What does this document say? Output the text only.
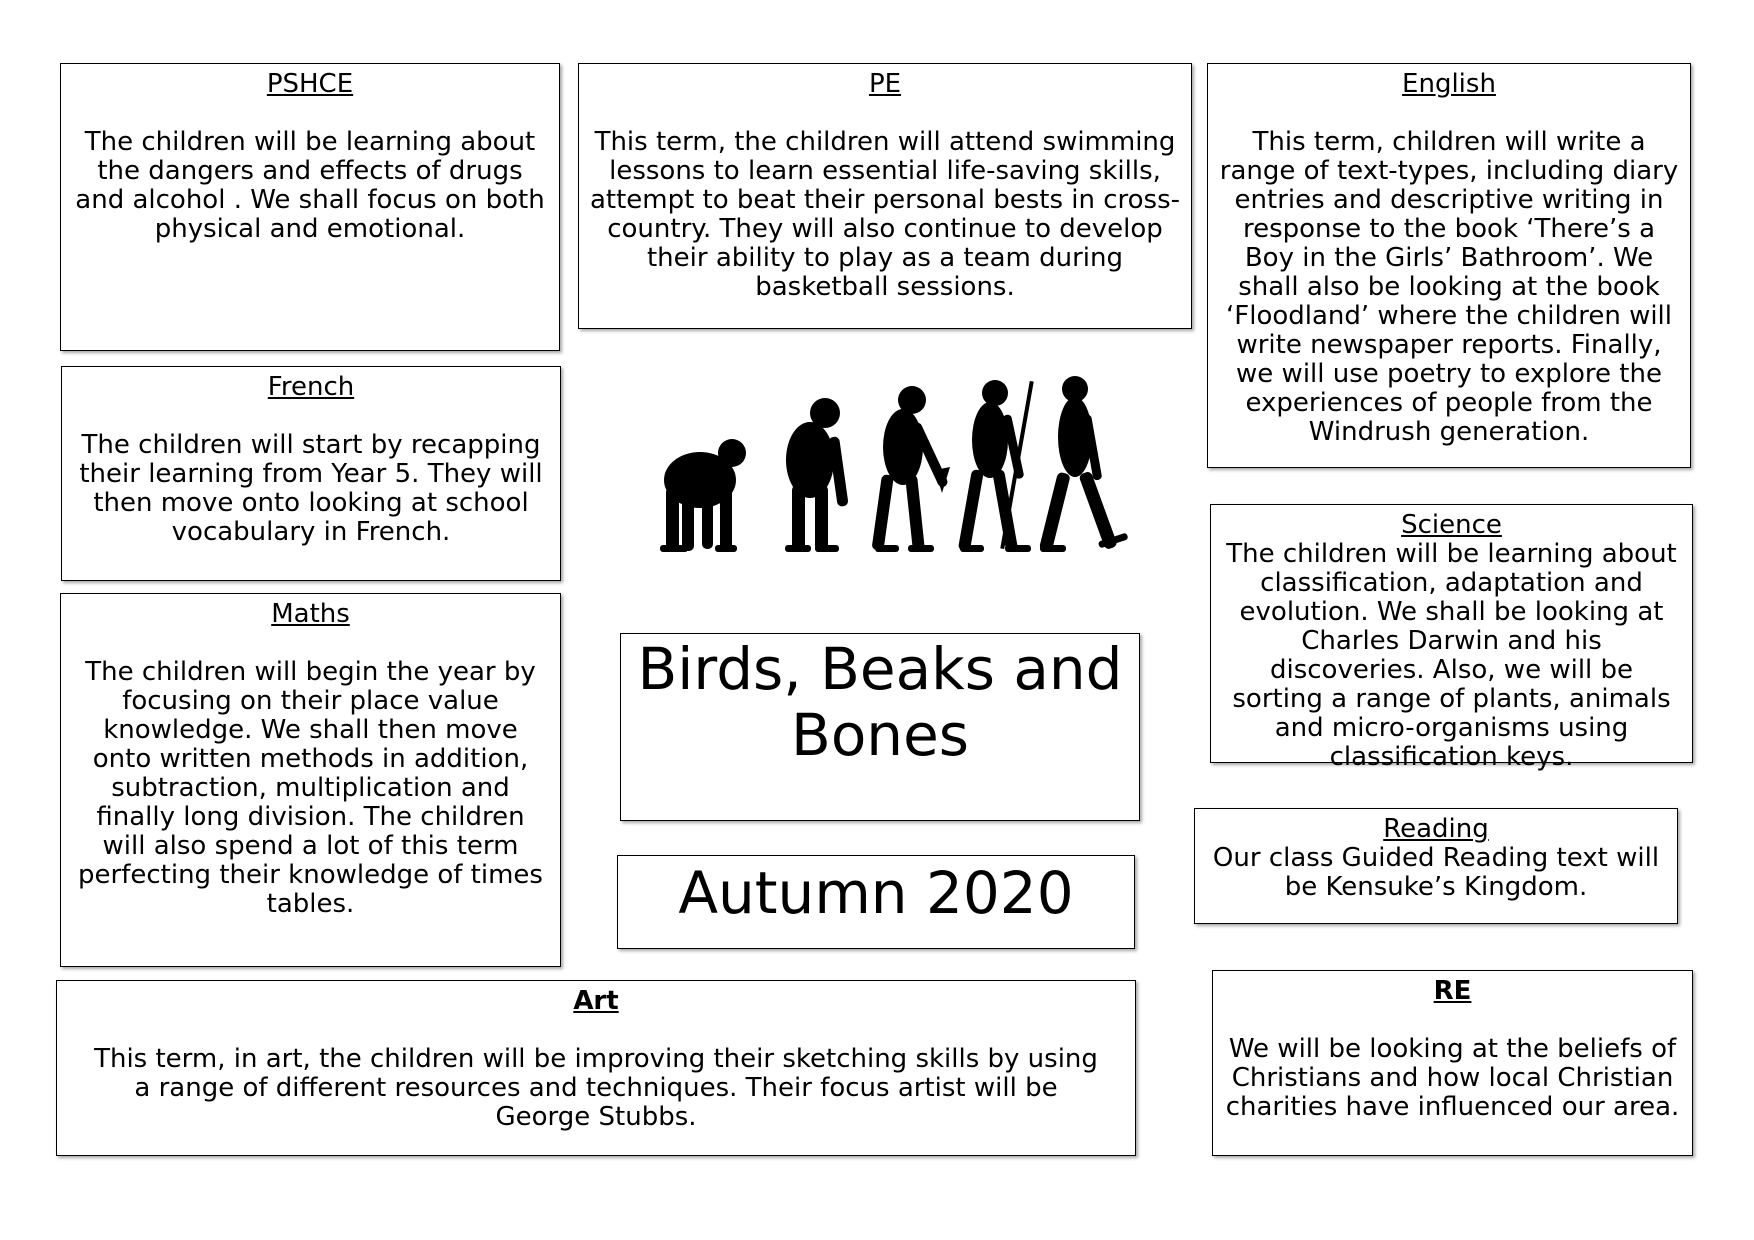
PSHCE
The children will be learning about the dangers and effects of drugs and alcohol . We shall focus on both physical and emotional.
PE
This term, the children will attend swimming lessons to learn essential life-saving skills, attempt to beat their personal bests in cross-country. They will also continue to develop their ability to play as a team during basketball sessions.
English
This term, children will write a range of text-types, including diary entries and descriptive writing in response to the book ‘There’s a Boy in the Girls’ Bathroom’. We shall also be looking at the book ‘Floodland’ where the children will write newspaper reports. Finally, we will use poetry to explore the experiences of people from the Windrush generation.
French
The children will start by recapping their learning from Year 5. They will then move onto looking at school vocabulary in French.	Science
The children will be learning about classification, adaptation and evolution. We shall be looking at Charles Darwin and his discoveries. Also, we will be sorting a range of plants, animals and micro-organisms using classification keys.
Maths
The children will begin the year by focusing on their place value knowledge. We shall then move onto written methods in addition, subtraction, multiplication and finally long division. The children will also spend a lot of this term perfecting their knowledge of times tables.
Birds, Beaks and Bones
Reading
Our class Guided Reading text will be Kensuke’s Kingdom.
Autumn 2020
Art
This term, in art, the children will be improving their sketching skills by using a range of different resources and techniques. Their focus artist will be George Stubbs.
RE
We will be looking at the beliefs of Christians and how local Christian charities have influenced our area.
